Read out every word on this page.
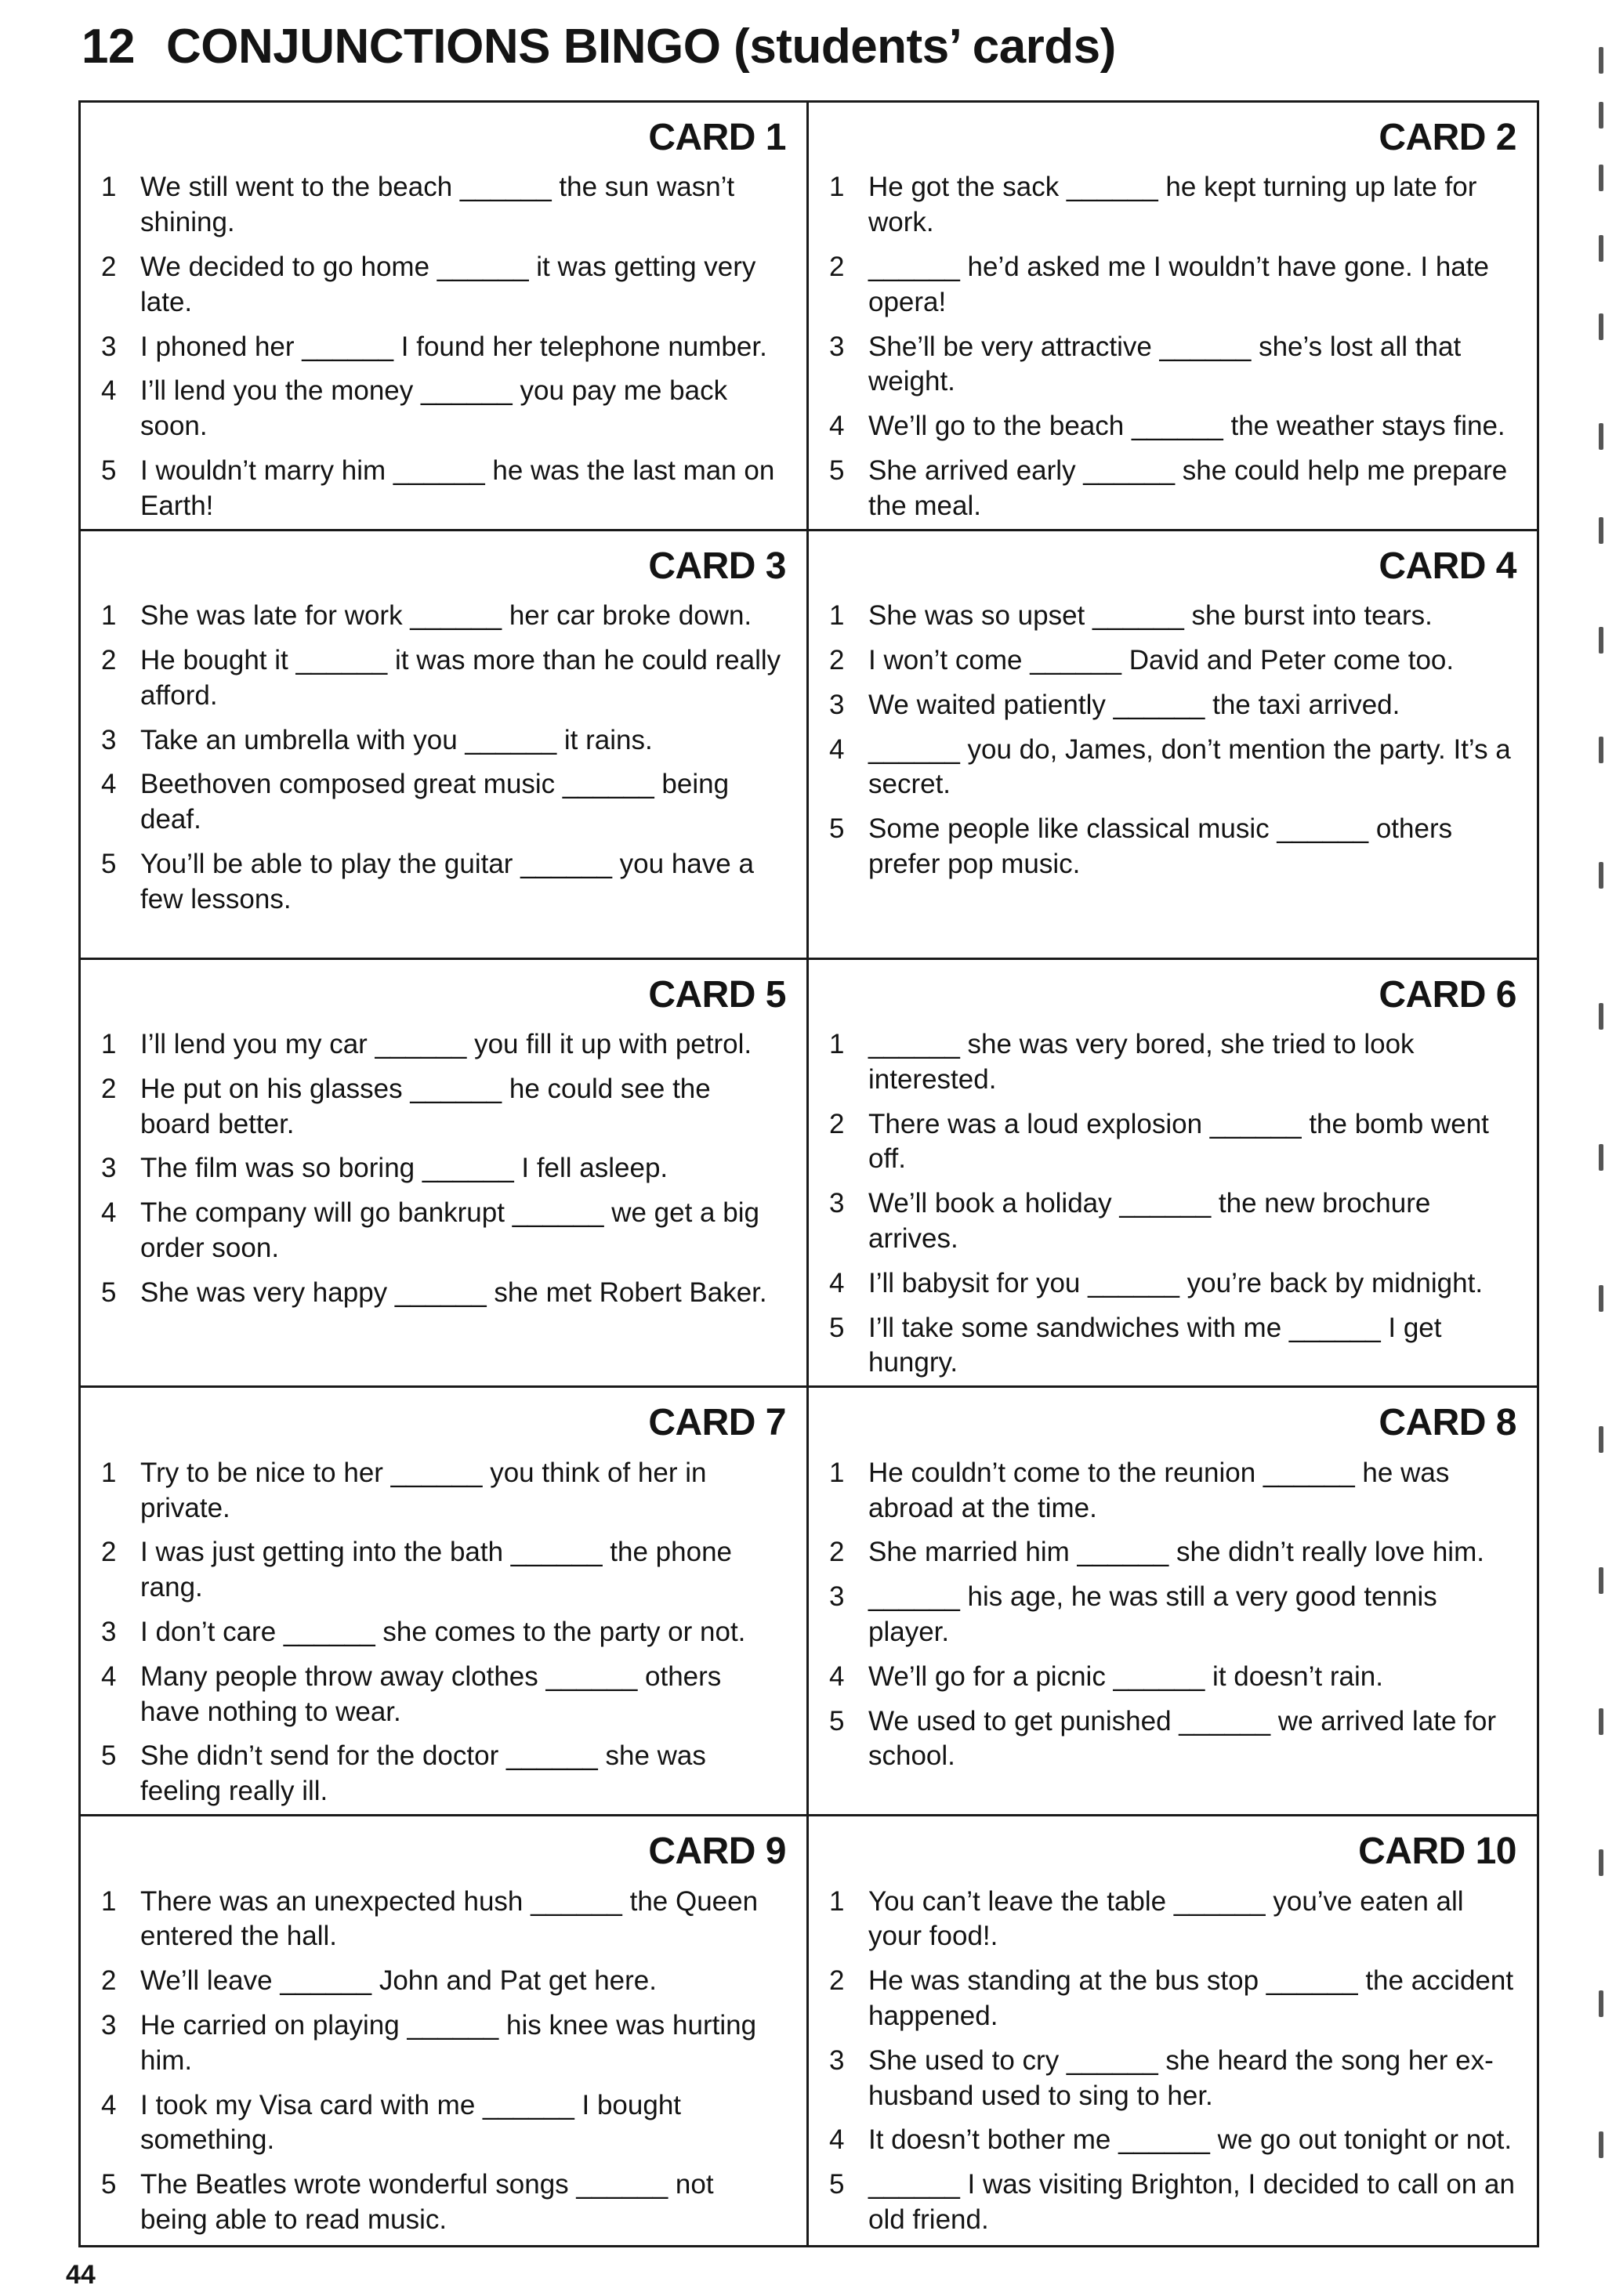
12 CONJUNCTIONS BINGO (students’ cards)
CARD 1
1 We still went to the beach ______ the sun wasn’t shining.
2 We decided to go home ______ it was getting very late.
3 I phoned her ______ I found her telephone number.
4 I’ll lend you the money ______ you pay me back soon.
5 I wouldn’t marry him ______ he was the last man on Earth!
CARD 2
1 He got the sack ______ he kept turning up late for work.
2 ______ he’d asked me I wouldn’t have gone. I hate opera!
3 She’ll be very attractive ______ she’s lost all that weight.
4 We’ll go to the beach ______ the weather stays fine.
5 She arrived early ______ she could help me prepare the meal.
CARD 3
1 She was late for work ______ her car broke down.
2 He bought it ______ it was more than he could really afford.
3 Take an umbrella with you ______ it rains.
4 Beethoven composed great music ______ being deaf.
5 You’ll be able to play the guitar ______ you have a few lessons.
CARD 4
1 She was so upset ______ she burst into tears.
2 I won’t come ______ David and Peter come too.
3 We waited patiently ______ the taxi arrived.
4 ______ you do, James, don’t mention the party. It’s a secret.
5 Some people like classical music ______ others prefer pop music.
CARD 5
1 I’ll lend you my car ______ you fill it up with petrol.
2 He put on his glasses ______ he could see the board better.
3 The film was so boring ______ I fell asleep.
4 The company will go bankrupt ______ we get a big order soon.
5 She was very happy ______ she met Robert Baker.
CARD 6
1 ______ she was very bored, she tried to look interested.
2 There was a loud explosion ______ the bomb went off.
3 We’ll book a holiday ______ the new brochure arrives.
4 I’ll babysit for you ______ you’re back by midnight.
5 I’ll take some sandwiches with me ______ I get hungry.
CARD 7
1 Try to be nice to her ______ you think of her in private.
2 I was just getting into the bath ______ the phone rang.
3 I don’t care ______ she comes to the party or not.
4 Many people throw away clothes ______ others have nothing to wear.
5 She didn’t send for the doctor ______ she was feeling really ill.
CARD 8
1 He couldn’t come to the reunion ______ he was abroad at the time.
2 She married him ______ she didn’t really love him.
3 ______ his age, he was still a very good tennis player.
4 We’ll go for a picnic ______ it doesn’t rain.
5 We used to get punished ______ we arrived late for school.
CARD 9
1 There was an unexpected hush ______ the Queen entered the hall.
2 We’ll leave ______ John and Pat get here.
3 He carried on playing ______ his knee was hurting him.
4 I took my Visa card with me ______ I bought something.
5 The Beatles wrote wonderful songs ______ not being able to read music.
CARD 10
1 You can’t leave the table ______ you’ve eaten all your food!.
2 He was standing at the bus stop ______ the accident happened.
3 She used to cry ______ she heard the song her ex-husband used to sing to her.
4 It doesn’t bother me ______ we go out tonight or not.
5 ______ I was visiting Brighton, I decided to call on an old friend.
44
